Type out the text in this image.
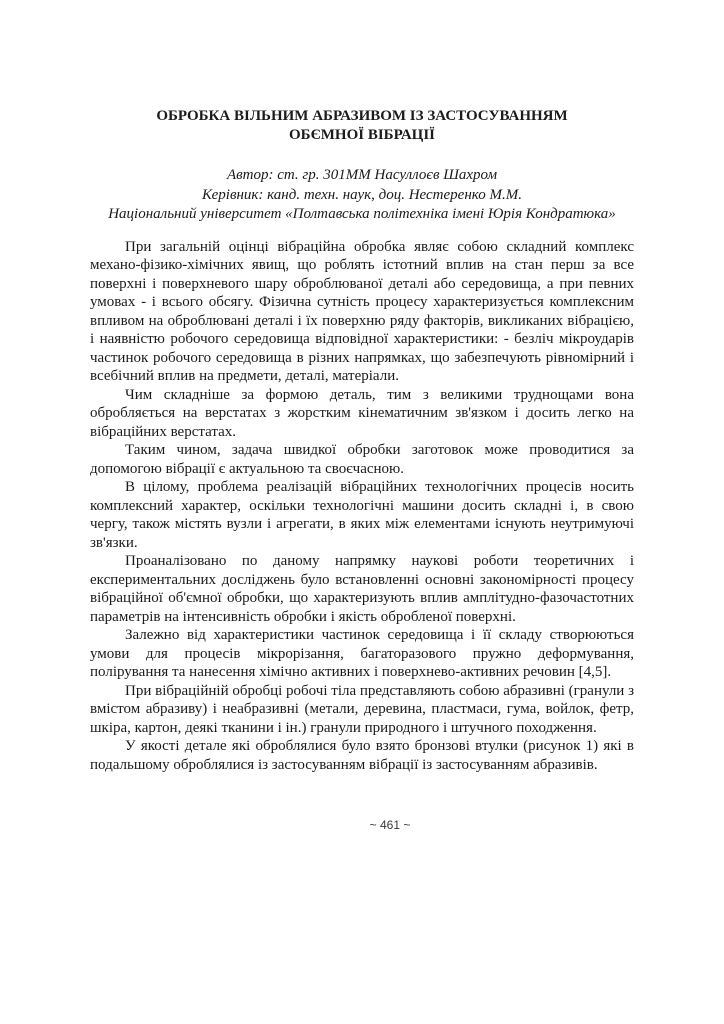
ОБРОБКА ВІЛЬНИМ АБРАЗИВОМ ІЗ ЗАСТОСУВАННЯМ
ОБЄМНОЇ ВІБРАЦІЇ
Автор: ст. гр. 301ММ Насуллоєв Шахром
Керівник: канд. техн. наук, доц. Нестеренко М.М.
Національний університет «Полтавська політехніка імені Юрія Кондратюка»

При загальній оцінці вібраційна обробка являє собою складний комплекс механо-фізико-хімічних явищ, що роблять істотний вплив на стан перш за все поверхні і поверхневого шару оброблюваної деталі або середовища, а при певних умовах - і всього обсягу. Фізична сутність процесу характеризується комплексним впливом на оброблювані деталі і їх поверхню ряду факторів, викликаних вібрацією, і наявністю робочого середовища відповідної характеристики: - безліч мікроударів частинок робочого середовища в різних напрямках, що забезпечують рівномірний і всебічний вплив на предмети, деталі, матеріали.

Чим складніше за формою деталь, тим з великими труднощами вона обробляється на верстатах з жорстким кінематичним зв'язком і досить легко на вібраційних верстатах.

Таким чином, задача швидкої обробки заготовок може проводитися за допомогою вібрації є актуальною та своєчасною.

В цілому, проблема реалізацій вібраційних технологічних процесів носить комплексний характер, оскільки технологічні машини досить складні і, в свою чергу, також містять вузли і агрегати, в яких між елементами існують неутримуючі зв'язки.

Проаналізовано по даному напрямку наукові роботи теоретичних і експериментальних досліджень було встановленні основні закономірності процесу вібраційної об'ємної обробки, що характеризують вплив амплітудно-фазочастотних параметрів на інтенсивність обробки і якість обробленої поверхні.

Залежно від характеристики частинок середовища і її складу створюються умови для процесів мікрорізання, багаторазового пружно деформування, полірування та нанесення хімічно активних і поверхнево-активних речовин [4,5].

При вібраційній обробці робочі тіла представляють собою абразивні (гранули з вмістом абразиву) і неабразивні (метали, деревина, пластмаси, гума, войлок, фетр, шкіра, картон, деякі тканини і ін.) гранули природного і штучного походження.

У якості детале які оброблялися було взято бронзові втулки (рисунок 1) які в подальшому оброблялися із застосуванням вібрації із застосуванням абразивів.

~ 461 ~
